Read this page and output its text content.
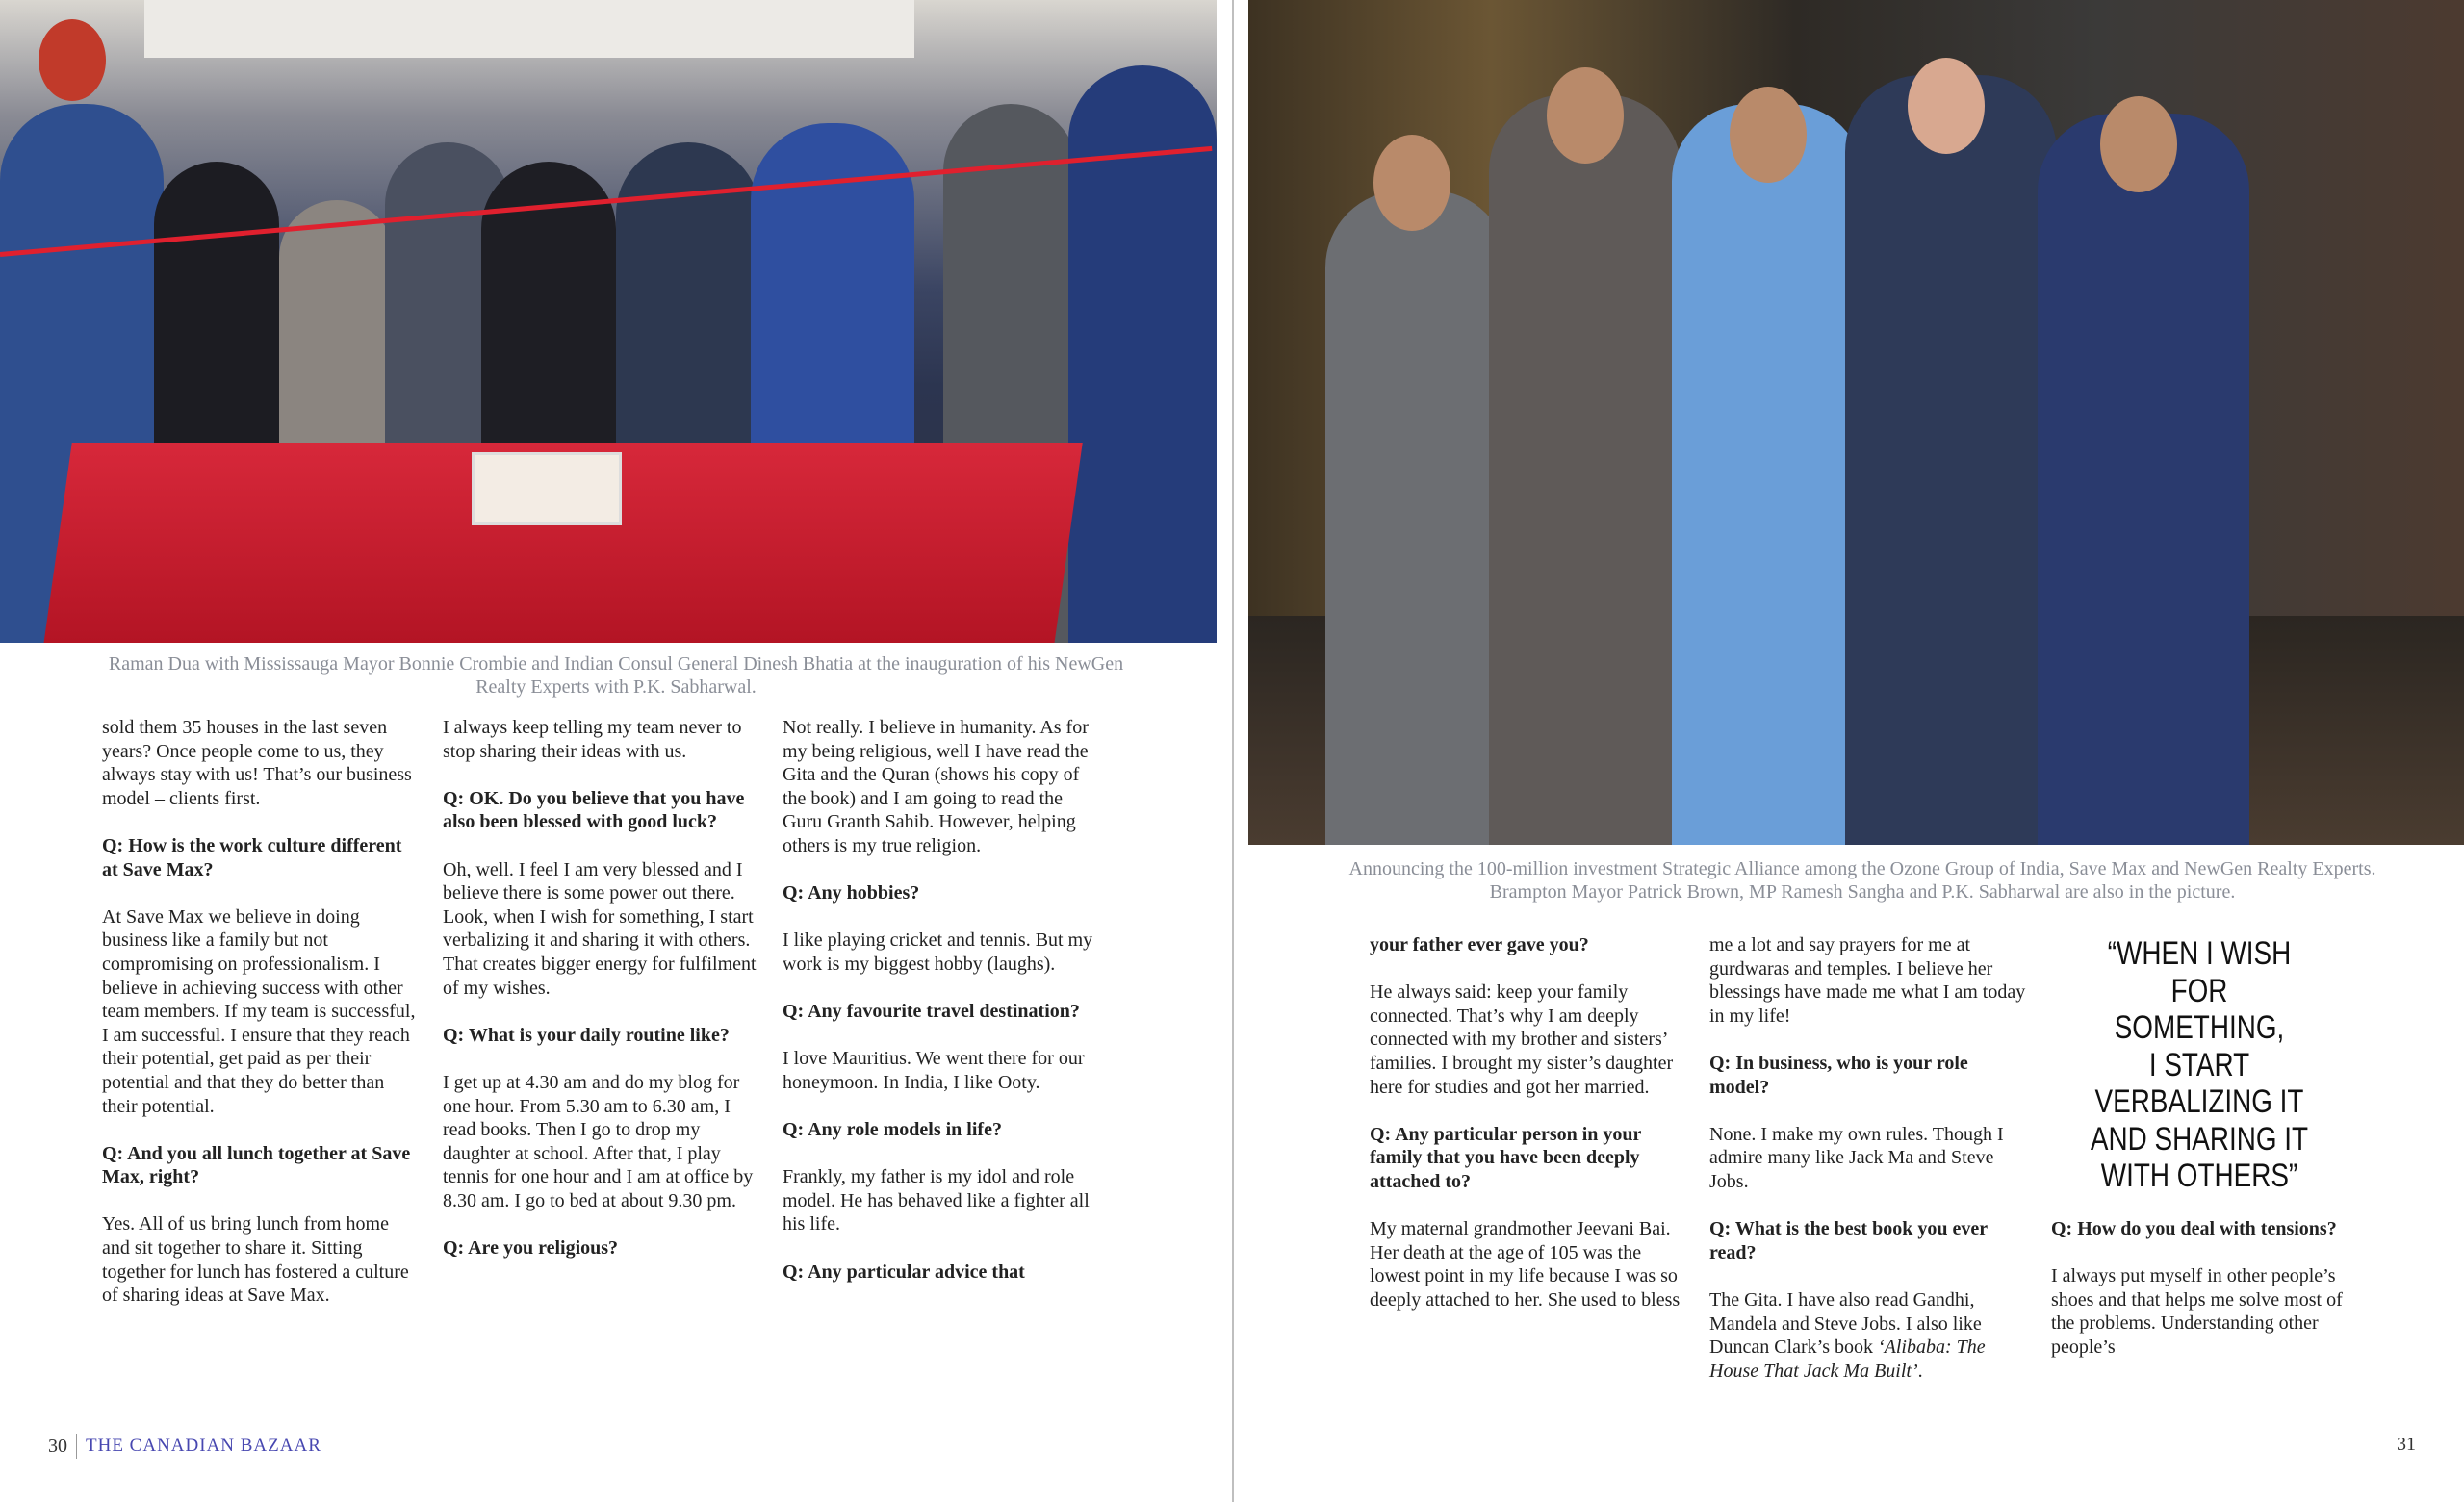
Raman Dua with Mississauga Mayor Bonnie Crombie and Indian Consul General Dinesh Bhatia at the inauguration of his NewGen Realty Experts with P.K. Sabharwal.

sold them 35 houses in the last seven years? Once people come to us, they always stay with us! That’s our business model – clients first.

Q: How is the work culture different at Save Max?

At Save Max we believe in doing business like a family but not compromising on professionalism. I believe in achieving success with other team members. If my team is successful, I am successful. I ensure that they reach their potential, get paid as per their potential and that they do better than their potential.

Q: And you all lunch together at Save Max, right?

Yes. All of us bring lunch from home and sit together to share it. Sitting together for lunch has fostered a culture of sharing ideas at Save Max.

I always keep telling my team never to stop sharing their ideas with us.

Q: OK. Do you believe that you have also been blessed with good luck?

Oh, well. I feel I am very blessed and I believe there is some power out there. Look, when I wish for something, I start verbalizing it and sharing it with others. That creates bigger energy for fulfilment of my wishes.

Q: What is your daily routine like?

I get up at 4.30 am and do my blog for one hour. From 5.30 am to 6.30 am, I read books. Then I go to drop my daughter at school. After that, I play tennis for one hour and I am at office by 8.30 am. I go to bed at about 9.30 pm.

Q: Are you religious?

Not really. I believe in humanity. As for my being religious, well I have read the Gita and the Quran (shows his copy of the book) and I am going to read the Guru Granth Sahib. However, helping others is my true religion.

Q: Any hobbies?

I like playing cricket and tennis. But my work is my biggest hobby (laughs).

Q: Any favourite travel destination?

I love Mauritius. We went there for our honeymoon. In India, I like Ooty.

Q: Any role models in life?

Frankly, my father is my idol and role model. He has behaved like a fighter all his life.

Q: Any particular advice that

30 THE CANADIAN BAZAAR
Announcing the 100-million investment Strategic Alliance among the Ozone Group of India, Save Max and NewGen Realty Experts. Brampton Mayor Patrick Brown, MP Ramesh Sangha and P.K. Sabharwal are also in the picture.

your father ever gave you?

He always said: keep your family connected. That’s why I am deeply connected with my brother and sisters’ families. I brought my sister’s daughter here for studies and got her married.

Q: Any particular person in your family that you have been deeply attached to?

My maternal grandmother Jeevani Bai. Her death at the age of 105 was the lowest point in my life because I was so deeply attached to her. She used to bless

me a lot and say prayers for me at gurdwaras and temples. I believe her blessings have made me what I am today in my life!

Q: In business, who is your role model?

None. I make my own rules. Though I admire many like Jack Ma and Steve Jobs.

Q: What is the best book you ever read?

The Gita. I have also read Gandhi, Mandela and Steve Jobs. I also like Duncan Clark’s book ‘Alibaba: The House That Jack Ma Built’.

Q: How do you deal with tensions?

I always put myself in other people’s shoes and that helps me solve most of the problems. Understanding other people’s

“WHEN I WISH
FOR
SOMETHING,
I START
VERBALIZING IT
AND SHARING IT
WITH OTHERS”
31
